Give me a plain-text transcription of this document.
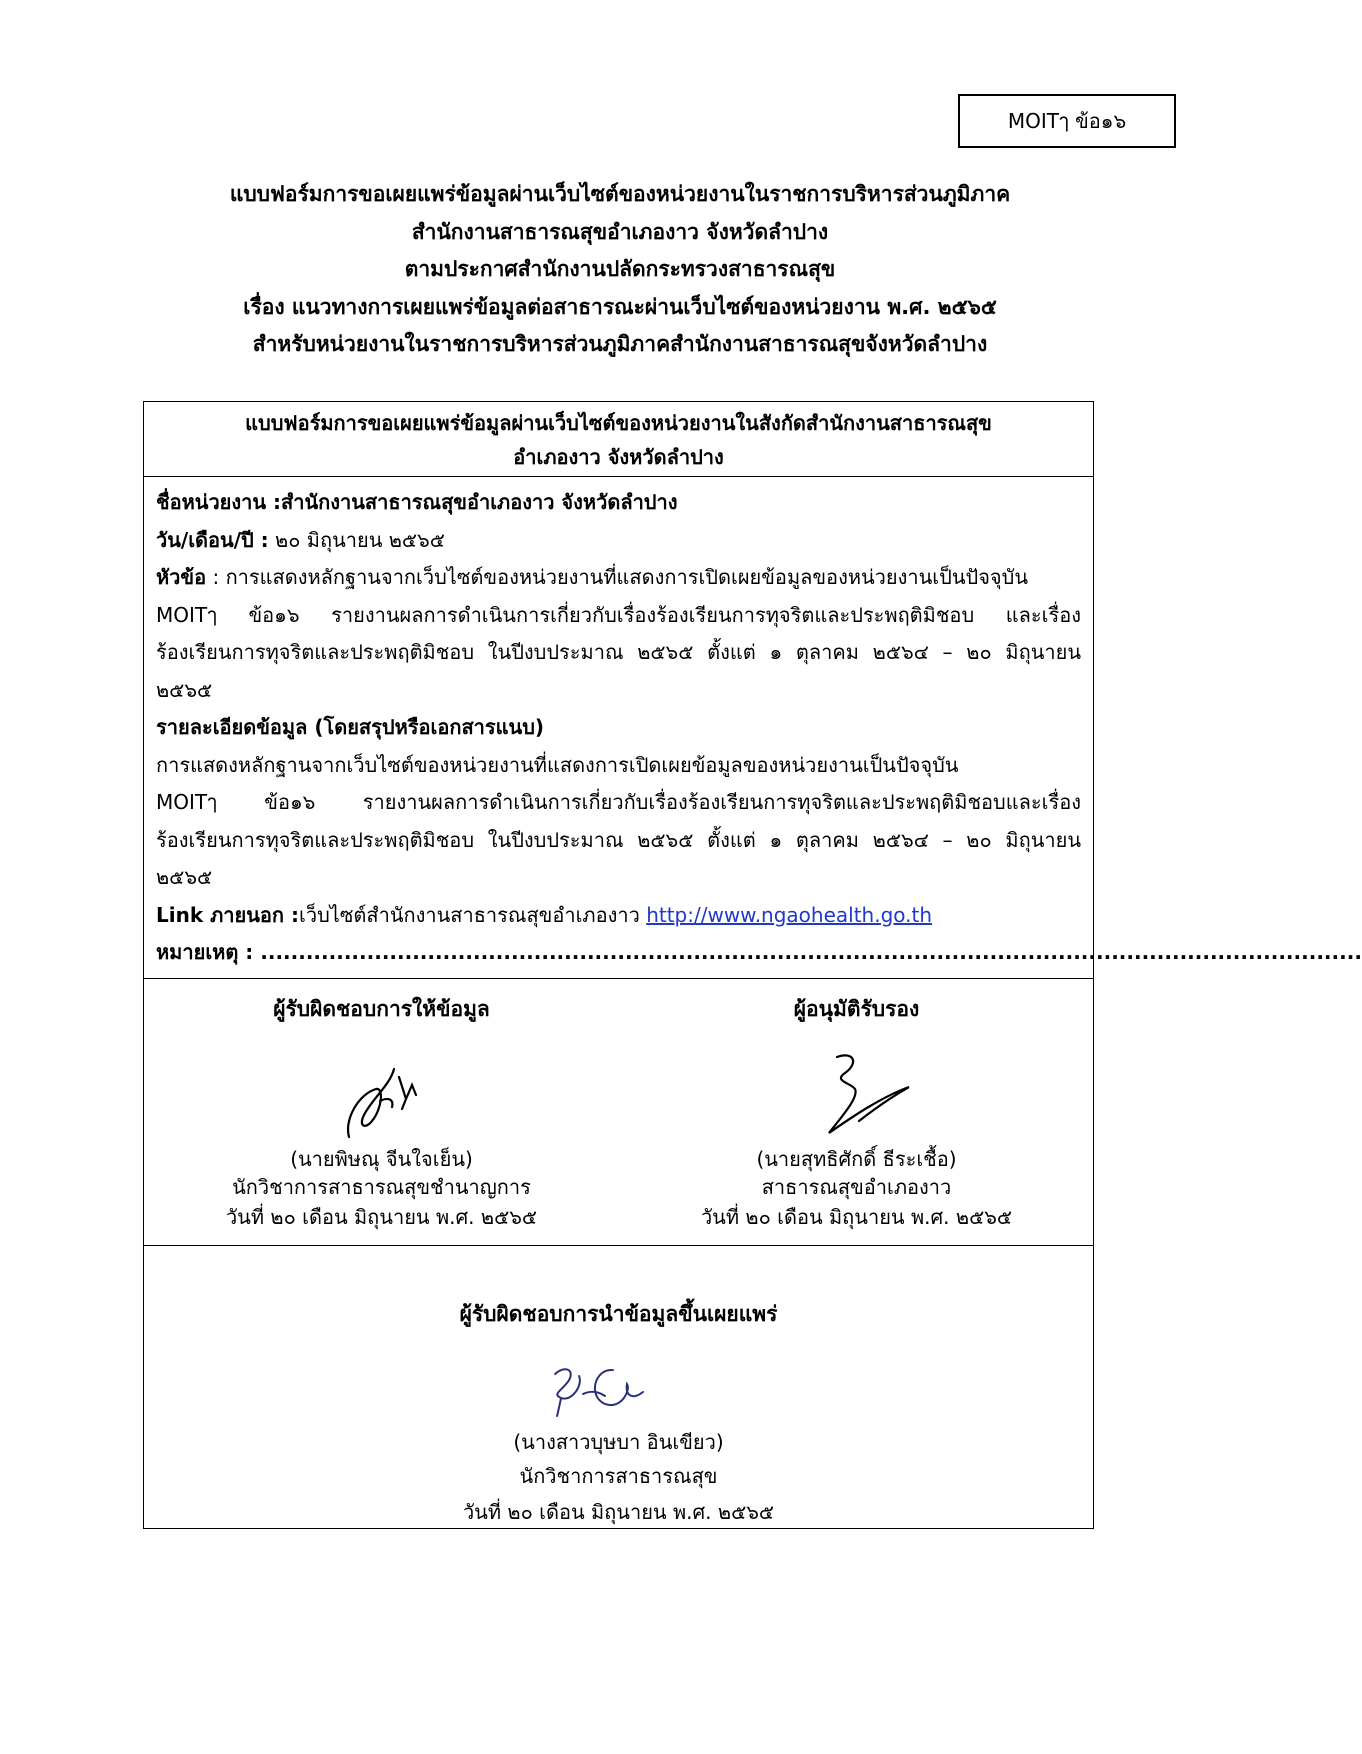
MOITๅ ข้อ๑๖
แบบฟอร์มการขอเผยแพร่ข้อมูลผ่านเว็บไซต์ของหน่วยงานในราชการบริหารส่วนภูมิภาค
สำนักงานสาธารณสุขอำเภองาว จังหวัดลำปาง
ตามประกาศสำนักงานปลัดกระทรวงสาธารณสุข
เรื่อง แนวทางการเผยแพร่ข้อมูลต่อสาธารณะผ่านเว็บไซต์ของหน่วยงาน พ.ศ. ๒๕๖๕
สำหรับหน่วยงานในราชการบริหารส่วนภูมิภาคสำนักงานสาธารณสุขจังหวัดลำปาง
แบบฟอร์มการขอเผยแพร่ข้อมูลผ่านเว็บไซต์ของหน่วยงานในสังกัดสำนักงานสาธารณสุข
อำเภองาว จังหวัดลำปาง
ชื่อหน่วยงาน :สำนักงานสาธารณสุขอำเภองาว จังหวัดลำปาง
วัน/เดือน/ปี : ๒๐ มิถุนายน ๒๕๖๕
หัวข้อ : การแสดงหลักฐานจากเว็บไซต์ของหน่วยงานที่แสดงการเปิดเผยข้อมูลของหน่วยงานเป็นปัจจุบัน
MOITๅ ข้อ๑๖ รายงานผลการดำเนินการเกี่ยวกับเรื่องร้องเรียนการทุจริตและประพฤติมิชอบ และเรื่อง
ร้องเรียนการทุจริตและประพฤติมิชอบ ในปีงบประมาณ ๒๕๖๕ ตั้งแต่ ๑ ตุลาคม ๒๕๖๔ – ๒๐ มิถุนายน
๒๕๖๕
รายละเอียดข้อมูล (โดยสรุปหรือเอกสารแนบ)
การแสดงหลักฐานจากเว็บไซต์ของหน่วยงานที่แสดงการเปิดเผยข้อมูลของหน่วยงานเป็นปัจจุบัน
MOITๅ ข้อ๑๖ รายงานผลการดำเนินการเกี่ยวกับเรื่องร้องเรียนการทุจริตและประพฤติมิชอบและเรื่อง
ร้องเรียนการทุจริตและประพฤติมิชอบ ในปีงบประมาณ ๒๕๖๕ ตั้งแต่ ๑ ตุลาคม ๒๕๖๔ – ๒๐ มิถุนายน
๒๕๖๕
Link ภายนอก :เว็บไซต์สำนักงานสาธารณสุขอำเภองาว http://www.ngaohealth.go.th
หมายเหตุ : .................................................................................................................................................
ผู้รับผิดชอบการให้ข้อมูล
(นายพิษณุ จีนใจเย็น)
นักวิชาการสาธารณสุขชำนาญการ
วันที่ ๒๐ เดือน มิถุนายน พ.ศ. ๒๕๖๕
ผู้อนุมัติรับรอง
(นายสุทธิศักดิ์ ธีระเชื้อ)
สาธารณสุขอำเภองาว
วันที่ ๒๐ เดือน มิถุนายน พ.ศ. ๒๕๖๕
ผู้รับผิดชอบการนำข้อมูลขึ้นเผยแพร่
(นางสาวบุษบา อินเขียว)
นักวิชาการสาธารณสุข
วันที่ ๒๐ เดือน มิถุนายน พ.ศ. ๒๕๖๕
